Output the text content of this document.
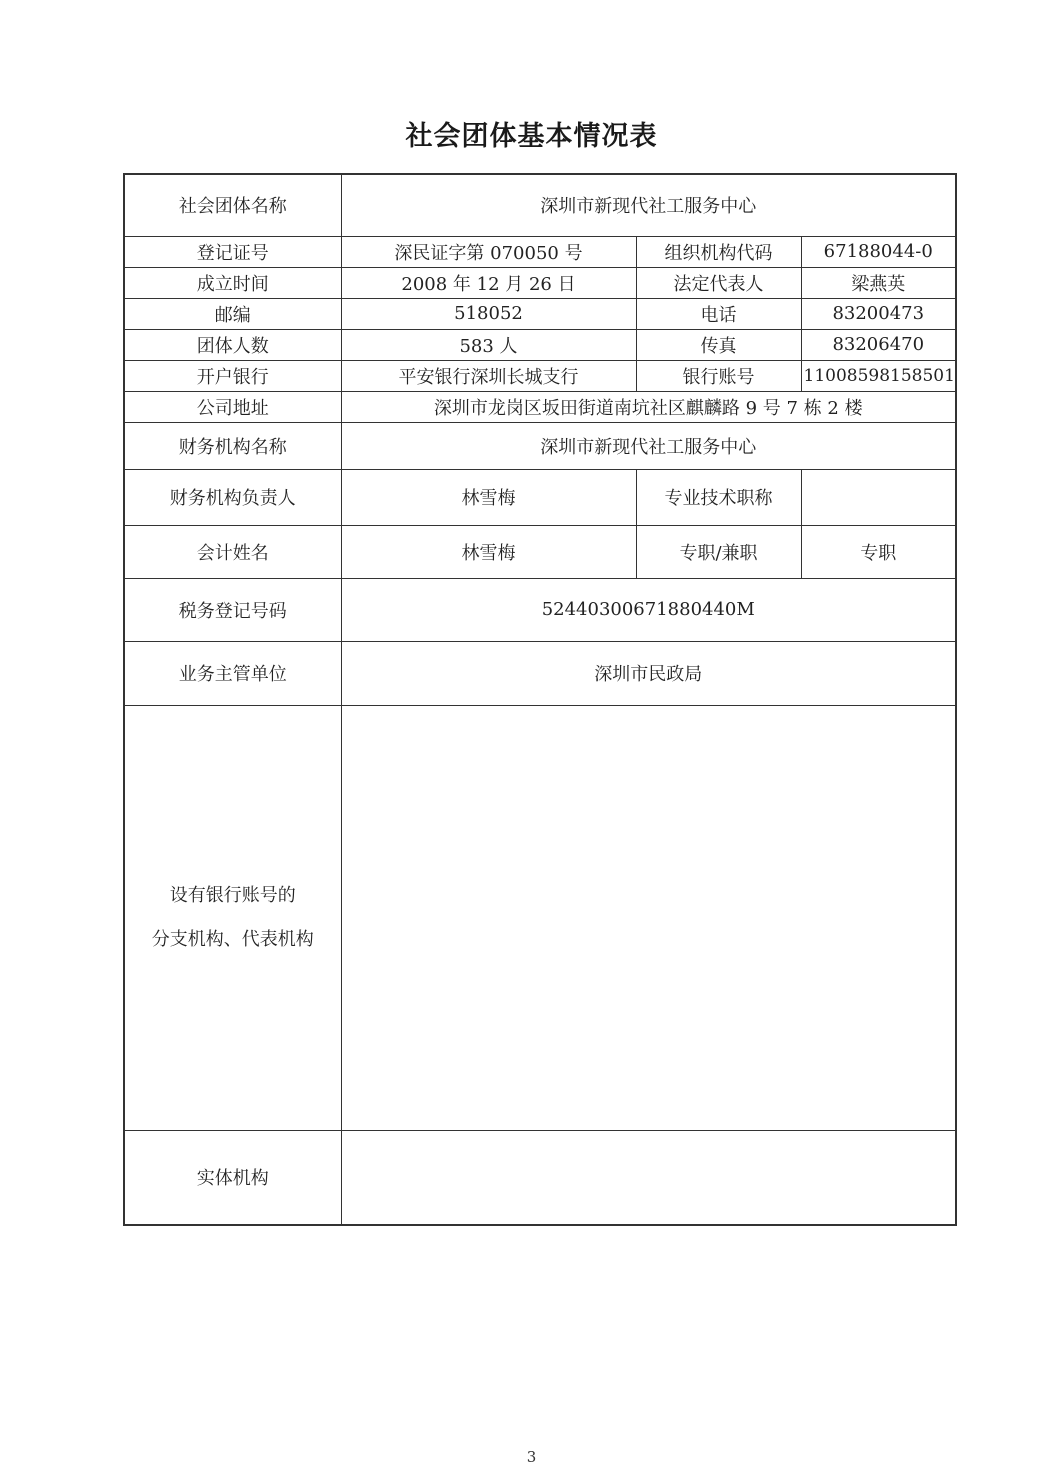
社会团体基本情况表
社会团体名称	深圳市新现代社工服务中心		
登记证号	深民证字第 070050 号	组织机构代码	67188044-0
成立时间	2008 年 12 月 26 日	法定代表人	梁燕英
邮编	518052	电话	83200473
团体人数	583 人	传真	83206470
开户银行	平安银行深圳长城支行	银行账号	11008598158501
公司地址	深圳市龙岗区坂田街道南坑社区麒麟路 9 号 7 栋 2 楼		
财务机构名称	深圳市新现代社工服务中心		
财务机构负责人	林雪梅	专业技术职称	
会计姓名	林雪梅	专职/兼职	专职
税务登记号码	52440300671880440M		
业务主管单位	深圳市民政局		

设有银行账号的
分支机构、代表机构			

实体机构			
3
